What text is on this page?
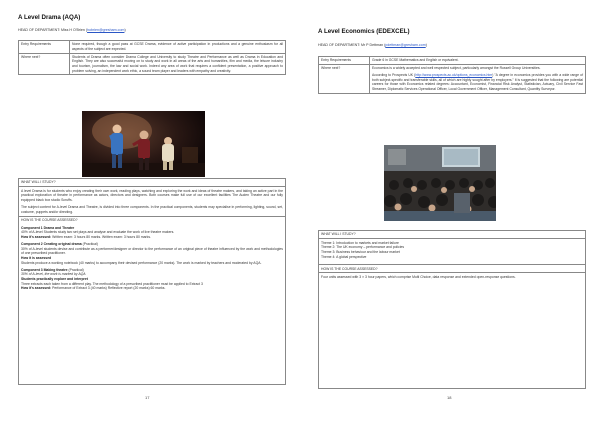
A Level Drama (AQA)
HEAD OF DEPARTMENT: Miss H O'Brien (hobrien@gresham.com)
Entry Requirements	None required, though a good pass at GCSE Drama, evidence of active participation in productions and a genuine enthusiasm for all aspects of the subject are expected.
Where next?	Students of Drama often consider Drama College and University to study Theatre and Performance as well as Drama in Education and English. They are also successful moving on to study and work in all areas of the arts and humanities, film and media, the leisure industry and tourism, journalism, the law and social work. Indeed any area of work that requires a confident presentation, a positive approach to problem solving, an independent work ethic, a sound team player and leaders with empathy and creativity.
WHAT WILL I STUDY?

A level Drama is for students who enjoy creating their own work, reading plays, watching and exploring the work and ideas of theatre makers, and taking an active part in the practical exploration of theatre in performance as actors, directors and designers. Both courses make full use of our excellent facilities The Auden Theatre and our fully equipped black box studio Scruffs.

The subject content for A-level Drama and Theatre, is divided into three components. In the practical components, students may specialise in performing, lighting, sound, set, costume, puppets and/or directing.

HOW IS THE COURSE ASSESSED?
Component 1 Drama and Theatre
40% of A-level Students study two set plays and analyse and evaluate the work of live theatre makers.

How it's assessed: Written exam: 3 hours 80 marks. Written exam: 3 hours 80 marks.

Component 2 Creating original drama (Practical)
30% of A-level students devise and contribute as a performer/designer or director to the performance of an original piece of theatre influenced by the work and methodologies of one prescribed practitioner.
How it is assessed

Students produce a working notebook (40 marks) to accompany their devised performance (20 marks). The work is marked by teachers and moderated by AQA.

Component 3 Making theatre (Practical)
30% of A-level, the work is marked by AQA
Students practically explore and interpret
Three extracts each taken from a different play. The methodology of a prescribed practitioner must be applied to Extract 3
How it's assessed: Performance of Extract 3 (40 marks) Reflective report (20 marks) 60 marks.
17
A Level Economics (EDEXCEL)
HEAD OF DEPARTMENT: Mr P Dettman (pdettman@gresham.com)
Entry Requirements	Grade 6 in GCSE Mathematics and English or equivalent.
Where next?	Economics is a widely accepted and well respected subject, particularly amongst the Russell Group Universities.

According to Prospects UK (http://www.prospects.ac.uk/options_economics.htm) "A degree in economics provides you with a wide range of both subject-specific and transferable skills, all of which are highly sought after by employers." It is suggested that the following are potential careers for those with Economics related degrees: Accountant, Economist, Financial Risk Analyst, Statistician, Actuary, Civil Service Fast Streamer, Diplomatic Services Operational Officer, Local Government Officer, Management Consultant, Quantity Surveyor.

WHAT WILL I STUDY?
Theme 1: Introduction to markets and market failure
Theme 2: The UK economy – performance and policies
Theme 3: Business behaviour and the labour market
Theme 4: A global perspective
HOW IS THE COURSE ASSESSED?
Four units assessed with 3 × 3 hour papers, which comprise Multi Choice, data response and extended open-response questions.
18
